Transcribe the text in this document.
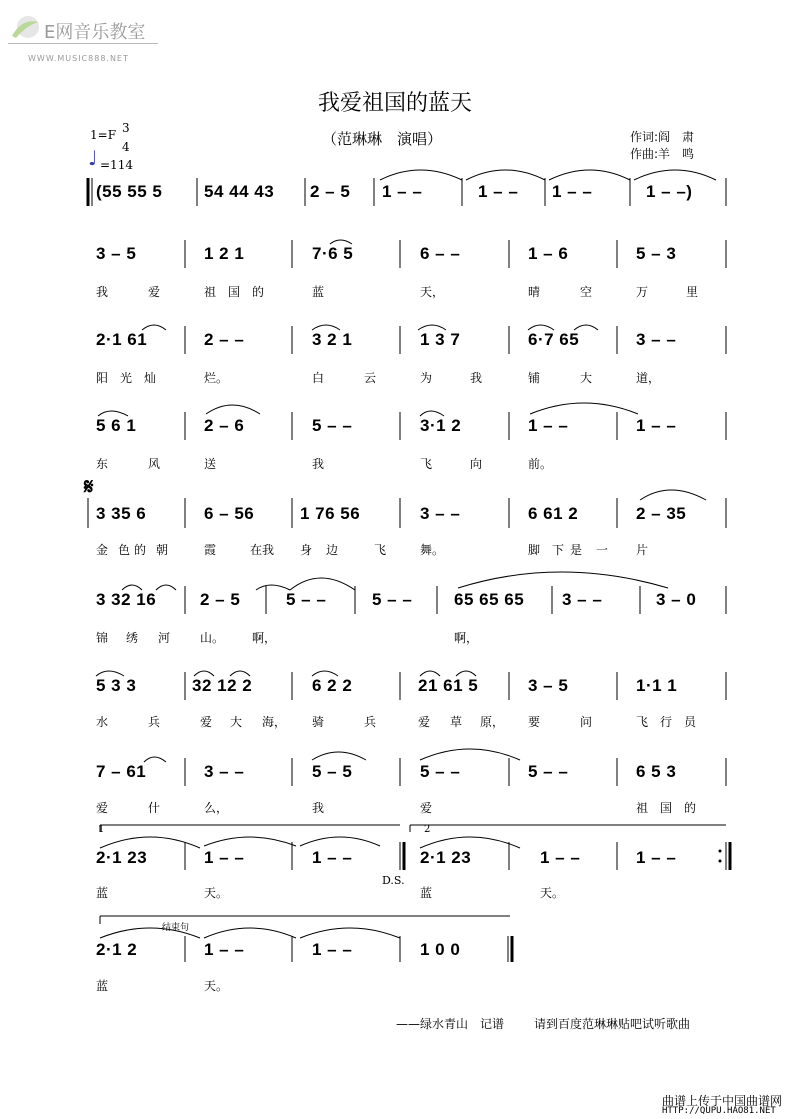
E网音乐教室
WWW.MUSIC888.NET
我爱祖国的蓝天
（范琳琳　演唱）	作词:阎　肃
作曲:羊　鸣
1=F 3
4
♩ =114
(55 55 5 54 44 43 2 – 5 1 – –	1 – – 1 – –	1 – –)
3 – 5	1 2 1	7·6 5	6 – –	1 – 6	5 – 3
我	爱	祖 国 的	蓝	天，	晴	空	万	里
2·1 61	2 – –	3 2 1	1 3 7	6·7 65	3 – –
阳 光 灿	烂。	白	云	为	我	铺	大	道，
5 6 1	2 – 6	5 – –	3·1 2	1 – –	1 – –
东	风	送	我	飞	向	前。
𝄋
3 35 6	6 – 56	1 76 56	3 – –	6 61 2	2 – 35
金 色 的 朝	霞	在我 身 边	飞	舞。	脚 下 是 一 片
3 32 16	2 – 5	5 – –	5 – – 65 65 65 3 – –	3 – 0
锦 绣 河 山。 啊，	啊，
5 3 3	32 12 2	6 2 2	21 61 5	3 – 5	1·1 1
水	兵	爱 大 海， 骑	兵	爱 草 原， 要	问	飞 行 员
7 – 61	3 – –	5 – 5	5 – –	5 – –	6 5 3
爱	什	么，	我	爱	祖 国 的
1	2
2·1 23	1 – –	1 – –	2·1 23	1 – –	1 – –
D.S.
蓝	天。	蓝	天。
结束句
2·1 2	1 – –	1 – –	1 0 0
蓝	天。
——绿水青山　记谱 请到百度范琳琳贴吧试听歌曲
曲谱上传于中国曲谱网
HTTP://QUPU.HAO81.NET
